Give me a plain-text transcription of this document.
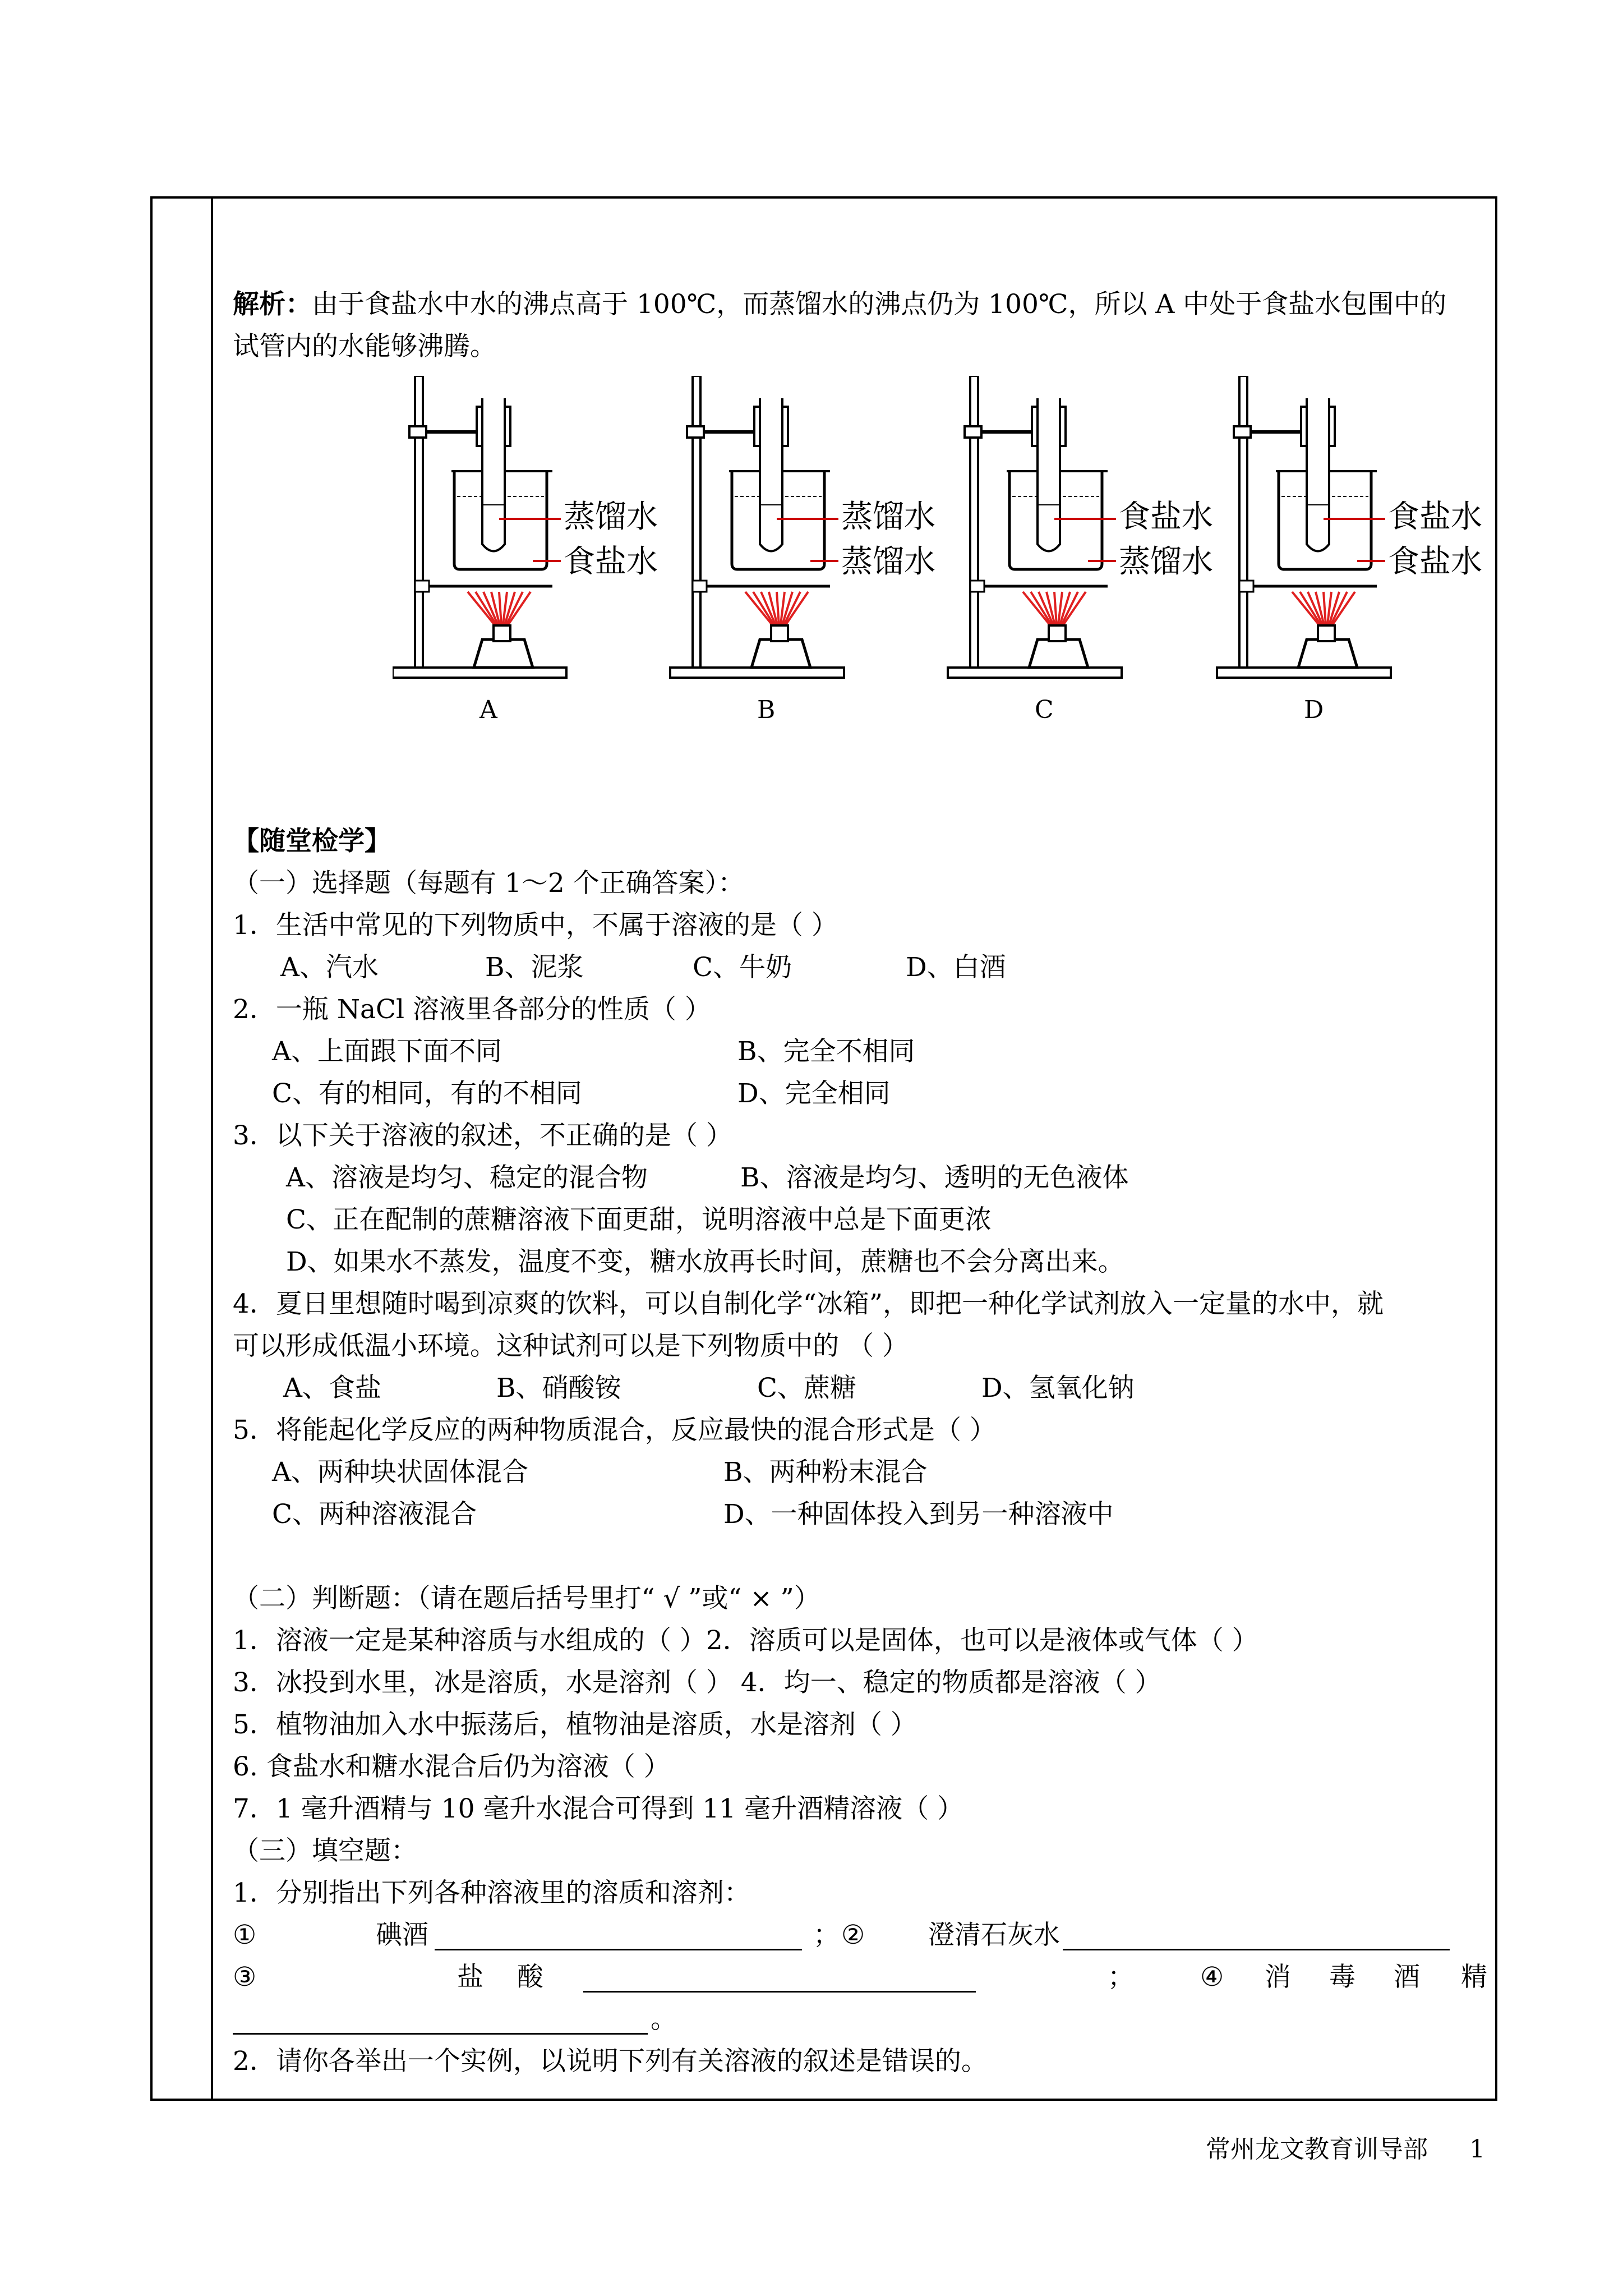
解析：由于食盐水中水的沸点高于 100℃，而蒸馏水的沸点仍为 100℃，所以 A 中处于食盐水包围中的
试管内的水能够沸腾。
蒸馏水
食盐水
A
蒸馏水
蒸馏水
B
食盐水
蒸馏水
C
食盐水
食盐水
D
【随堂检学】
（一）选择题（每题有 1～2 个正确答案）：
1．生活中常见的下列物质中，不属于溶液的是（ ）
A、汽水	B、泥浆	C、牛奶	D、白酒
2．一瓶 NaCl 溶液里各部分的性质（ ）
A、上面跟下面不同	B、完全不相同
C、有的相同，有的不相同	D、完全相同
3．以下关于溶液的叙述，不正确的是（ ）
A、溶液是均匀、稳定的混合物	B、溶液是均匀、透明的无色液体
C、正在配制的蔗糖溶液下面更甜，说明溶液中总是下面更浓
D、如果水不蒸发，温度不变，糖水放再长时间，蔗糖也不会分离出来。
4．夏日里想随时喝到凉爽的饮料，可以自制化学“冰箱”，即把一种化学试剂放入一定量的水中，就
可以形成低温小环境。这种试剂可以是下列物质中的 （ ）
A、食盐	B、硝酸铵	C、蔗糖	D、氢氧化钠
5．将能起化学反应的两种物质混合，反应最快的混合形式是（ ）
A、两种块状固体混合	B、两种粉末混合
C、两种溶液混合	D、一种固体投入到另一种溶液中
（二）判断题：（请在题后括号里打“ √ ”或“ × ”）
1．溶液一定是某种溶质与水组成的（ ）2．溶质可以是固体，也可以是液体或气体（ ）
3．冰投到水里，冰是溶质，水是溶剂（ ） 4．均一、稳定的物质都是溶液（ ）
5．植物油加入水中振荡后，植物油是溶质，水是溶剂（ ）
6. 食盐水和糖水混合后仍为溶液（ ）
7．1 毫升酒精与 10 毫升水混合可得到 11 毫升酒精溶液（ ）
（三）填空题：
1．分别指出下列各种溶液里的溶质和溶剂：
①	碘酒	； ② 澄清石灰水
③	盐    酸	；	④ 消 毒 酒 精
。
2．请你各举出一个实例，以说明下列有关溶液的叙述是错误的。
常州龙文教育训导部 1
